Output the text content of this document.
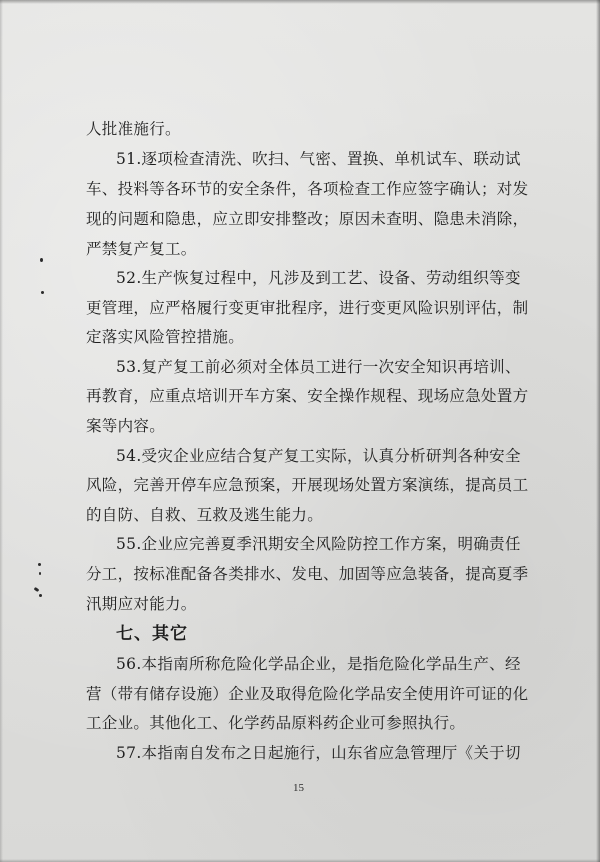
人批准施行。
51.逐项检查清洗、吹扫、气密、置换、单机试车、联动试
车、投料等各环节的安全条件，各项检查工作应签字确认；对发
现的问题和隐患，应立即安排整改；原因未查明、隐患未消除，
严禁复产复工。
52.生产恢复过程中，凡涉及到工艺、设备、劳动组织等变
更管理，应严格履行变更审批程序，进行变更风险识别评估，制
定落实风险管控措施。
53.复产复工前必须对全体员工进行一次安全知识再培训、
再教育，应重点培训开车方案、安全操作规程、现场应急处置方
案等内容。
54.受灾企业应结合复产复工实际，认真分析研判各种安全
风险，完善开停车应急预案，开展现场处置方案演练，提高员工
的自防、自救、互救及逃生能力。
55.企业应完善夏季汛期安全风险防控工作方案，明确责任
分工，按标准配备各类排水、发电、加固等应急装备，提高夏季
汛期应对能力。
七、其它
56.本指南所称危险化学品企业，是指危险化学品生产、经
营（带有储存设施）企业及取得危险化学品安全使用许可证的化
工企业。其他化工、化学药品原料药企业可参照执行。
57.本指南自发布之日起施行，山东省应急管理厅《关于切
15
